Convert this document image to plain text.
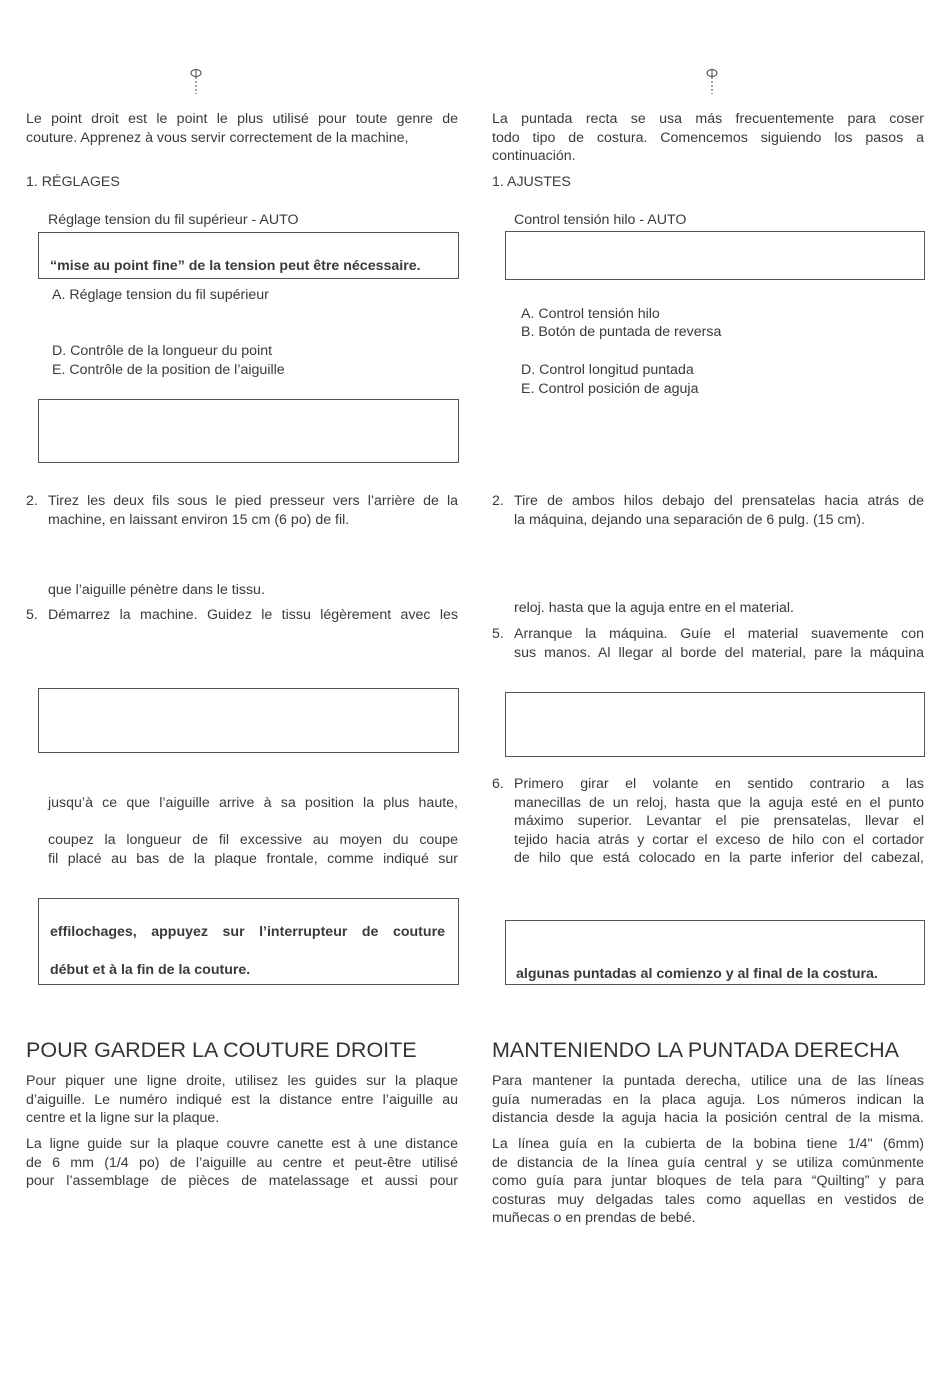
Le point droit est le point le plus utilisé pour toute genre de
couture. Apprenez à vous servir correctement de la machine,
1. RÉGLAGES
Réglage tension du fil supérieur - AUTO
“mise au point fine” de la tension peut être nécessaire.
A. Réglage tension du fil supérieur
D. Contrôle de la longueur du point
E. Contrôle de la position de l’aiguille
2. Tirez les deux fils sous le pied presseur vers l’arrière de la
machine, en laissant environ 15 cm (6 po) de fil.
que l’aiguille pénètre dans le tissu.
5. Démarrez la machine. Guidez le tissu légèrement avec les
jusqu’à ce que l’aiguille arrive à sa position la plus haute,
coupez la longueur de fil excessive au moyen du coupe
fil placé au bas de la plaque frontale, comme indiqué sur
effilochages, appuyez sur l’interrupteur de couture
début et à la fin de la couture.
POUR GARDER LA COUTURE DROITE
Pour piquer une ligne droite, utilisez les guides sur la plaque
d’aiguille. Le numéro indiqué est la distance entre l’aiguille au
centre et la ligne sur la plaque.
La ligne guide sur la plaque couvre canette est à une distance
de 6 mm (1/4 po) de l’aiguille au centre et peut-être utilisé
pour l’assemblage de pièces de matelassage et aussi pour
La puntada recta se usa más frecuentemente para coser
todo tipo de costura. Comencemos siguiendo los pasos a
continuación.
1. AJUSTES
Control tensión hilo - AUTO
A. Control tensión hilo
B. Botón de puntada de reversa
D. Control longitud puntada
E. Control posición de aguja
2. Tire de ambos hilos debajo del prensatelas hacia atrás de
la máquina, dejando una separación de 6 pulg. (15 cm).
reloj. hasta que la aguja entre en el material.
5. Arranque la máquina. Guíe el material suavemente con
sus manos. Al llegar al borde del material, pare la máquina
6. Primero girar el volante en sentido contrario a las
manecillas de un reloj, hasta que la aguja esté en el punto
máximo superior. Levantar el pie prensatelas, llevar el
tejido hacia atrás y cortar el exceso de hilo con el cortador
de hilo que está colocado en la parte inferior del cabezal,
algunas puntadas al comienzo y al final de la costura.
MANTENIENDO LA PUNTADA DERECHA
Para mantener la puntada derecha, utilice una de las líneas
guía numeradas en la placa aguja. Los números indican la
distancia desde la aguja hacia la posición central de la misma.
La línea guía en la cubierta de la bobina tiene 1/4" (6mm)
de distancia de la línea guía central y se utiliza comúnmente
como guía para juntar bloques de tela para “Quilting” y para
costuras muy delgadas tales como aquellas en vestidos de
muñecas o en prendas de bebé.
